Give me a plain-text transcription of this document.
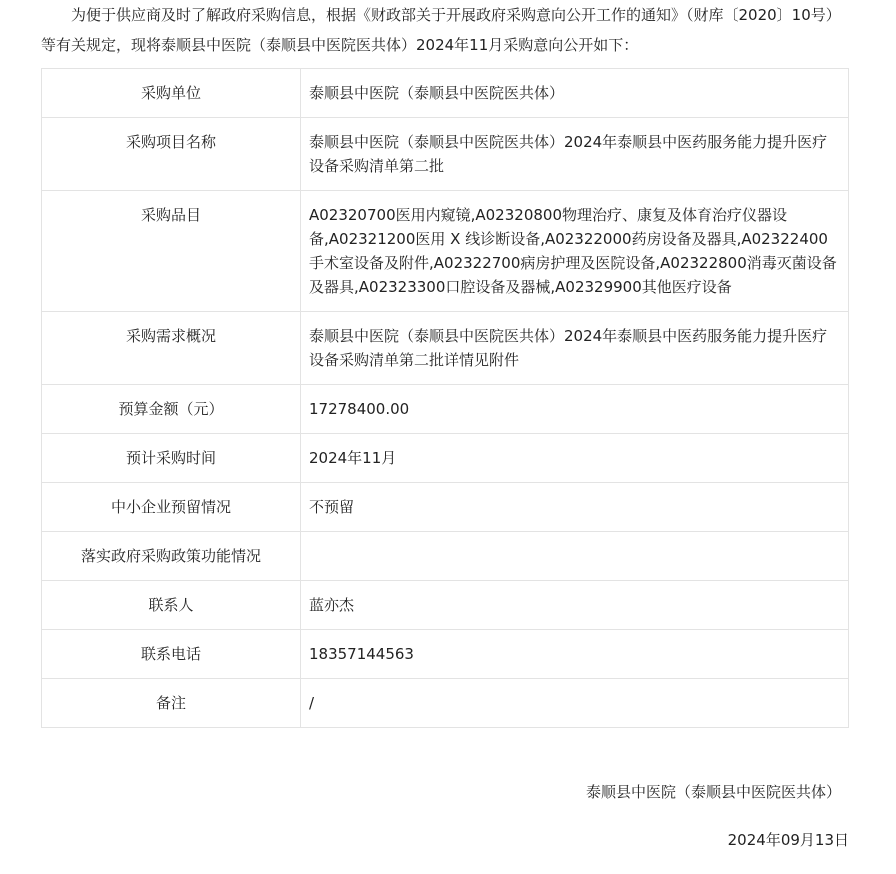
为便于供应商及时了解政府采购信息，根据《财政部关于开展政府采购意向公开工作的通知》（财库〔2020〕10号）等有关规定，现将泰顺县中医院（泰顺县中医院医共体）2024年11月采购意向公开如下：

采购单位	泰顺县中医院（泰顺县中医院医共体）
采购项目名称	泰顺县中医院（泰顺县中医院医共体）2024年泰顺县中医药服务能力提升医疗设备采购清单第二批
采购品目	A02320700医用内窥镜,A02320800物理治疗、康复及体育治疗仪器设备,A02321200医用 X 线诊断设备,A02322000药房设备及器具,A02322400手术室设备及附件,A02322700病房护理及医院设备,A02322800消毒灭菌设备及器具,A02323300口腔设备及器械,A02329900其他医疗设备
采购需求概况	泰顺县中医院（泰顺县中医院医共体）2024年泰顺县中医药服务能力提升医疗设备采购清单第二批详情见附件
预算金额（元）	17278400.00
预计采购时间	2024年11月
中小企业预留情况	不预留
落实政府采购政策功能情况	
联系人	蓝亦杰
联系电话	18357144563
备注	/
泰顺县中医院（泰顺县中医院医共体）
2024年09月13日
